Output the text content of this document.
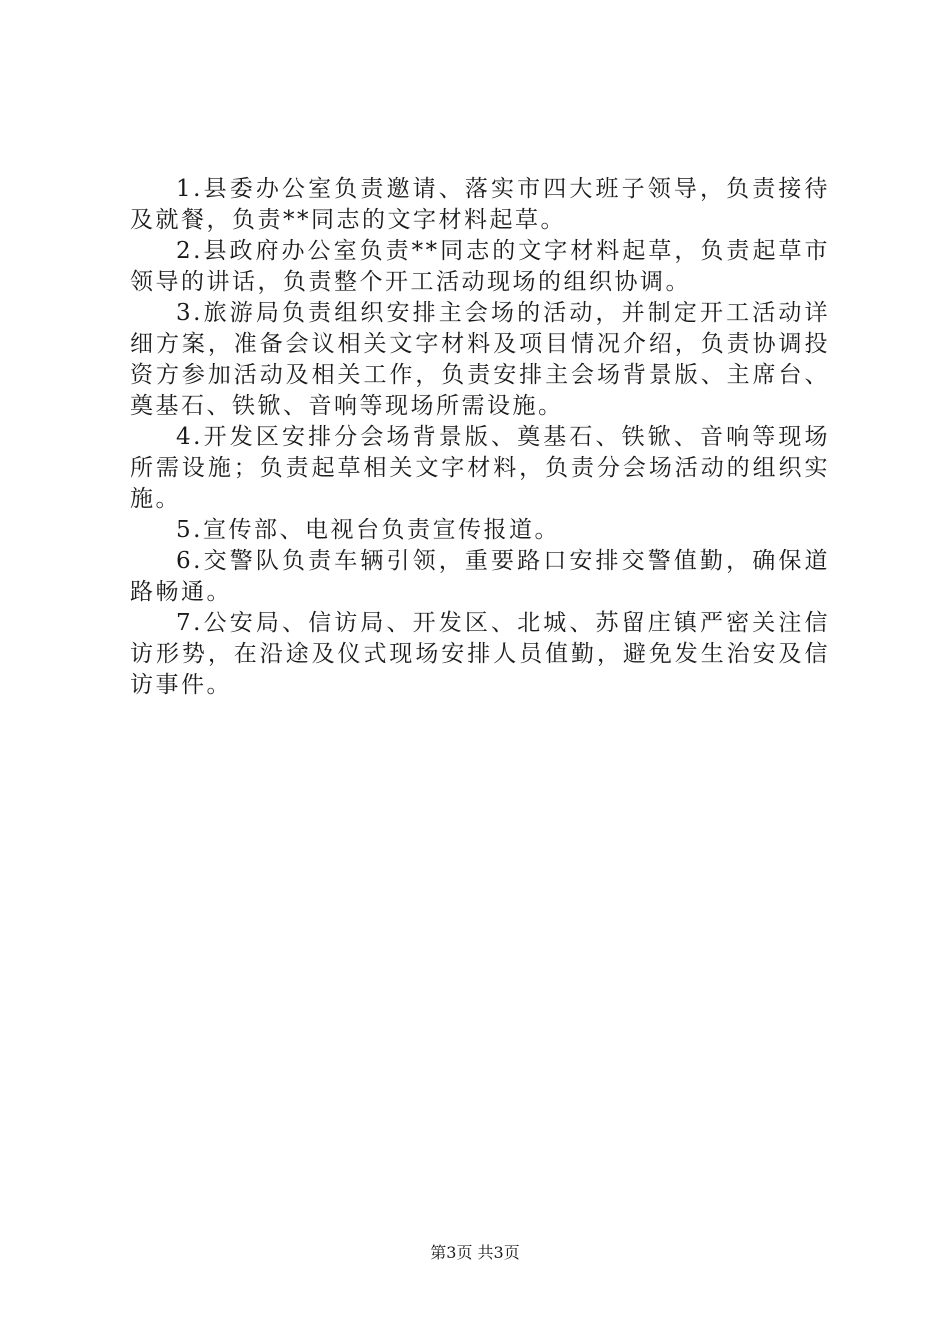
1.县委办公室负责邀请、落实市四大班子领导，负责接待及就餐，负责**同志的文字材料起草。

2.县政府办公室负责**同志的文字材料起草，负责起草市领导的讲话，负责整个开工活动现场的组织协调。

3.旅游局负责组织安排主会场的活动，并制定开工活动详细方案，准备会议相关文字材料及项目情况介绍，负责协调投资方参加活动及相关工作，负责安排主会场背景版、主席台、奠基石、铁锨、音响等现场所需设施。

4.开发区安排分会场背景版、奠基石、铁锨、音响等现场所需设施；负责起草相关文字材料，负责分会场活动的组织实施。

5.宣传部、电视台负责宣传报道。

6.交警队负责车辆引领，重要路口安排交警值勤，确保道路畅通。

7.公安局、信访局、开发区、北城、苏留庄镇严密关注信访形势，在沿途及仪式现场安排人员值勤，避免发生治安及信访事件。

第3页 共3页
